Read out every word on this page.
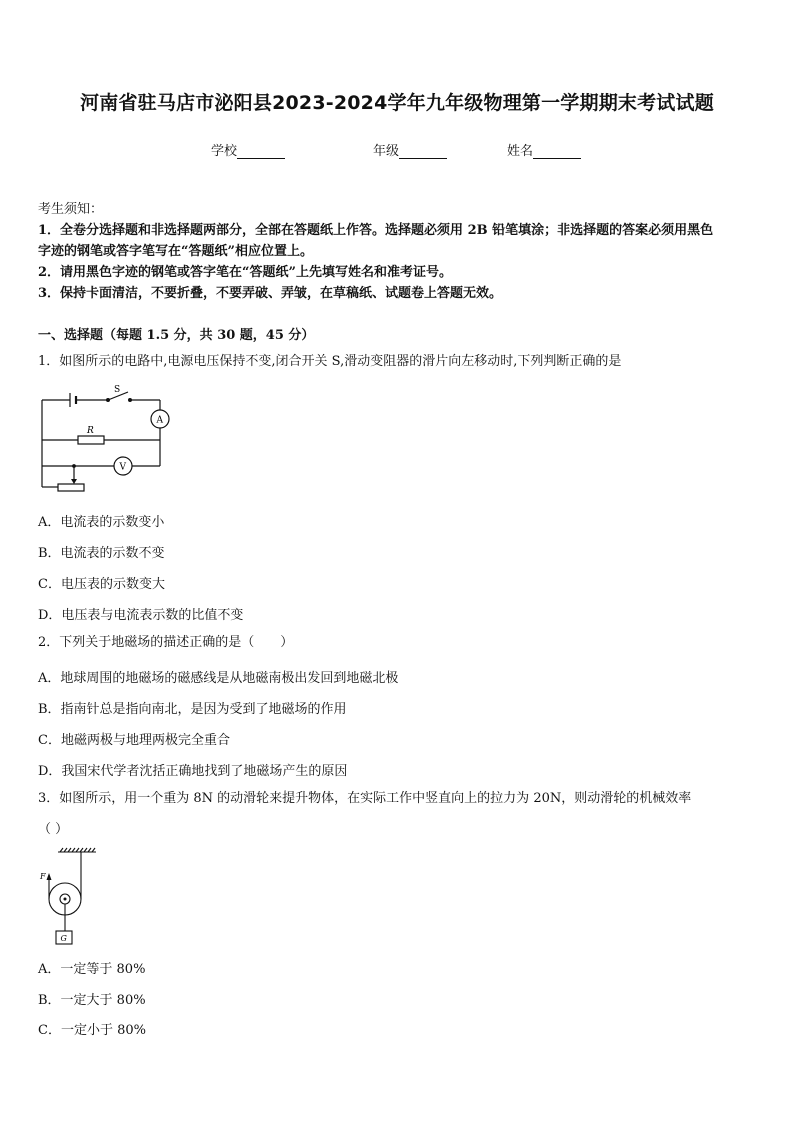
河南省驻马店市泌阳县2023-2024学年九年级物理第一学期期末考试试题
学校	年级	姓名
考生须知：
1．全卷分选择题和非选择题两部分，全部在答题纸上作答。选择题必须用 2B 铅笔填涂；非选择题的答案必须用黑色
字迹的钢笔或答字笔写在“答题纸”相应位置上。
2．请用黑色字迹的钢笔或答字笔在“答题纸”上先填写姓名和准考证号。
3．保持卡面清洁，不要折叠，不要弄破、弄皱，在草稿纸、试题卷上答题无效。
一、选择题（每题 1.5 分，共 30 题，45 分）
1．如图所示的电路中,电源电压保持不变,闭合开关 S,滑动变阻器的滑片向左移动时,下列判断正确的是
S
A
R
V
A．电流表的示数变小
B．电流表的示数不变
C．电压表的示数变大
D．电压表与电流表示数的比值不变
2．下列关于地磁场的描述正确的是（　　）
A．地球周围的地磁场的磁感线是从地磁南极出发回到地磁北极
B．指南针总是指向南北，是因为受到了地磁场的作用
C．地磁两极与地理两极完全重合
D．我国宋代学者沈括正确地找到了地磁场产生的原因
3．如图所示，用一个重为 8N 的动滑轮来提升物体，在实际工作中竖直向上的拉力为 20N，则动滑轮的机械效率
（ ）
F
G
A．一定等于 80%
B．一定大于 80%
C．一定小于 80%
